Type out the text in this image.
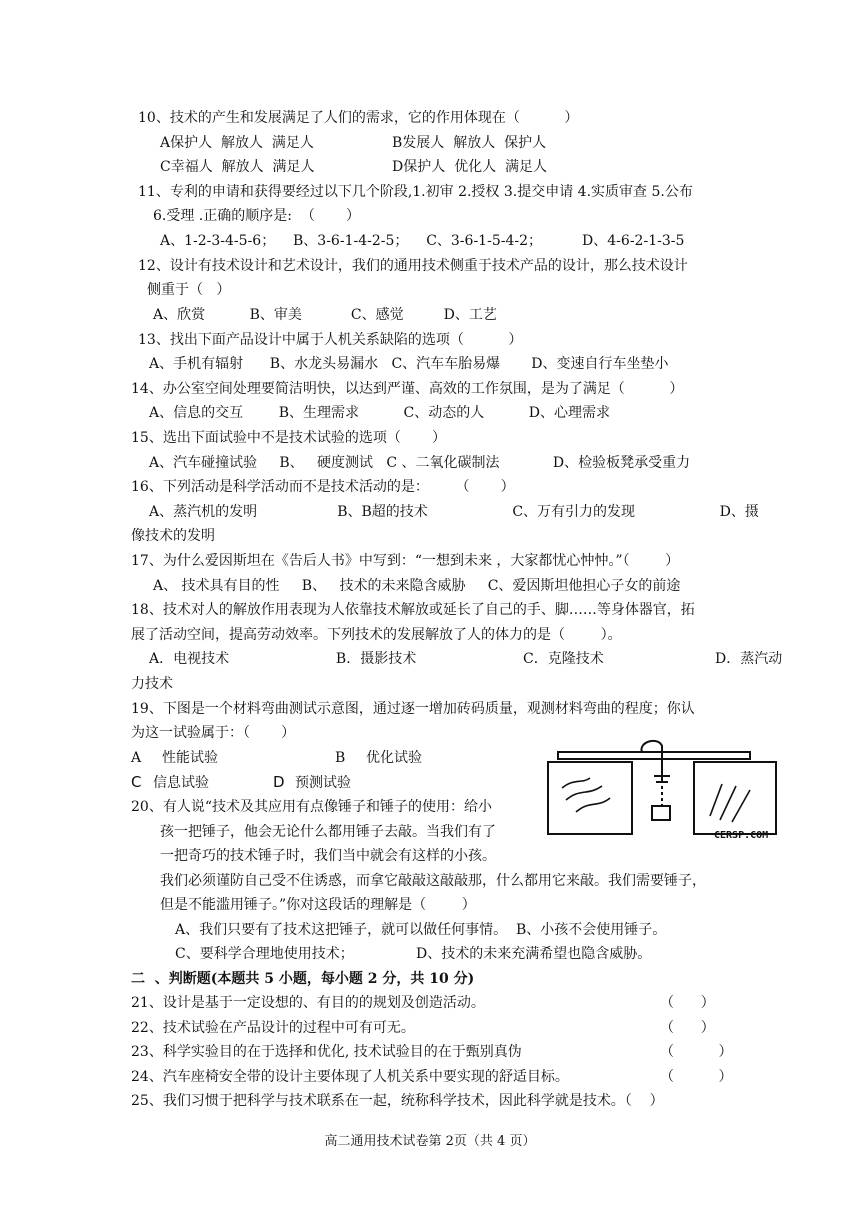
10、技术的产生和发展满足了人们的需求，它的作用体现在（          ）
A保护人  解放人  满足人	B发展人  解放人  保护人
C幸福人  解放人  满足人	D保护人  优化人  满足人
11、专利的申请和获得要经过以下几个阶段,1.初审 2.授权 3.提交申请 4.实质审查 5.公布
6.受理 .正确的顺序是:  （       ）
A、1-2-3-4-5-6；    B、3-6-1-4-2-5；    C、3-6-1-5-4-2；         D、4-6-2-1-3-5
12、设计有技术设计和艺术设计，我们的通用技术侧重于技术产品的设计，那么技术设计
侧重于（   ）
A、欣赏          B、审美           C、感觉         D、工艺
13、找出下面产品设计中属于人机关系缺陷的选项（          ）
A、手机有辐射      B、水龙头易漏水   C、汽车车胎易爆       D、变速自行车坐垫小
14、办公室空间处理要简洁明快，以达到严谨、高效的工作氛围，是为了满足（          ）
A、信息的交互        B、生理需求          C、动态的人          D、心理需求
15、选出下面试验中不是技术试验的选项（       ）
A、汽车碰撞试验     B、   硬度测试   C 、二氧化碳制法            D、检验板凳承受重力
16、下列活动是科学活动而不是技术活动的是：      （       ）
A、蒸汽机的发明                  B、B超的技术                   C、万有引力的发现                   D、摄
像技术的发明
17、为什么爱因斯坦在《告后人书》中写到：“一想到未来 ，大家都忧心忡忡。”（        ）
A、 技术具有目的性     B、   技术的未来隐含威胁     C、爱因斯坦他担心子女的前途
18、技术对人的解放作用表现为人依靠技术解放或延长了自己的手、脚……等身体器官，拓
展了活动空间，提高劳动效率。下列技术的发展解放了人的体力的是（        ）。
A．电视技术                        B．摄影技术                        C．克隆技术                         D．蒸汽动
力技术
19、下图是一个材料弯曲测试示意图，通过逐一增加砖码质量，观测材料弯曲的程度；你认
为这一试验属于：（       ）
A 性能试验	B 优化试验
C 信息试验	D 预测试验
CERSP.COM
20、有人说“技术及其应用有点像锤子和锤子的使用：给小
孩一把锤子，他会无论什么都用锤子去敲。当我们有了
一把奇巧的技术锤子时，我们当中就会有这样的小孩。
我们必须谨防自己受不住诱惑，而拿它敲敲这敲敲那，什么都用它来敲。我们需要锤子，
但是不能滥用锤子。”你对这段话的理解是（        ）
A、我们只要有了技术这把锤子，就可以做任何事情。  B、小孩不会使用锤子。
C、要科学合理地使用技术；              D、技术的未来充满希望也隐含威胁。
二  、判断题(本题共 5 小题，每小题 2 分，共 10 分)
21、设计是基于一定设想的、有目的的规划及创造活动。	（      ）
22、技术试验在产品设计的过程中可有可无。	（      ）
23、科学实验目的在于选择和优化, 技术试验目的在于甄别真伪	（          ）
24、汽车座椅安全带的设计主要体现了人机关系中要实现的舒适目标。	（          ）
25、我们习惯于把科学与技术联系在一起，统称科学技术，因此科学就是技术。（    ）
高二通用技术试卷第 2页（共 4 页）
